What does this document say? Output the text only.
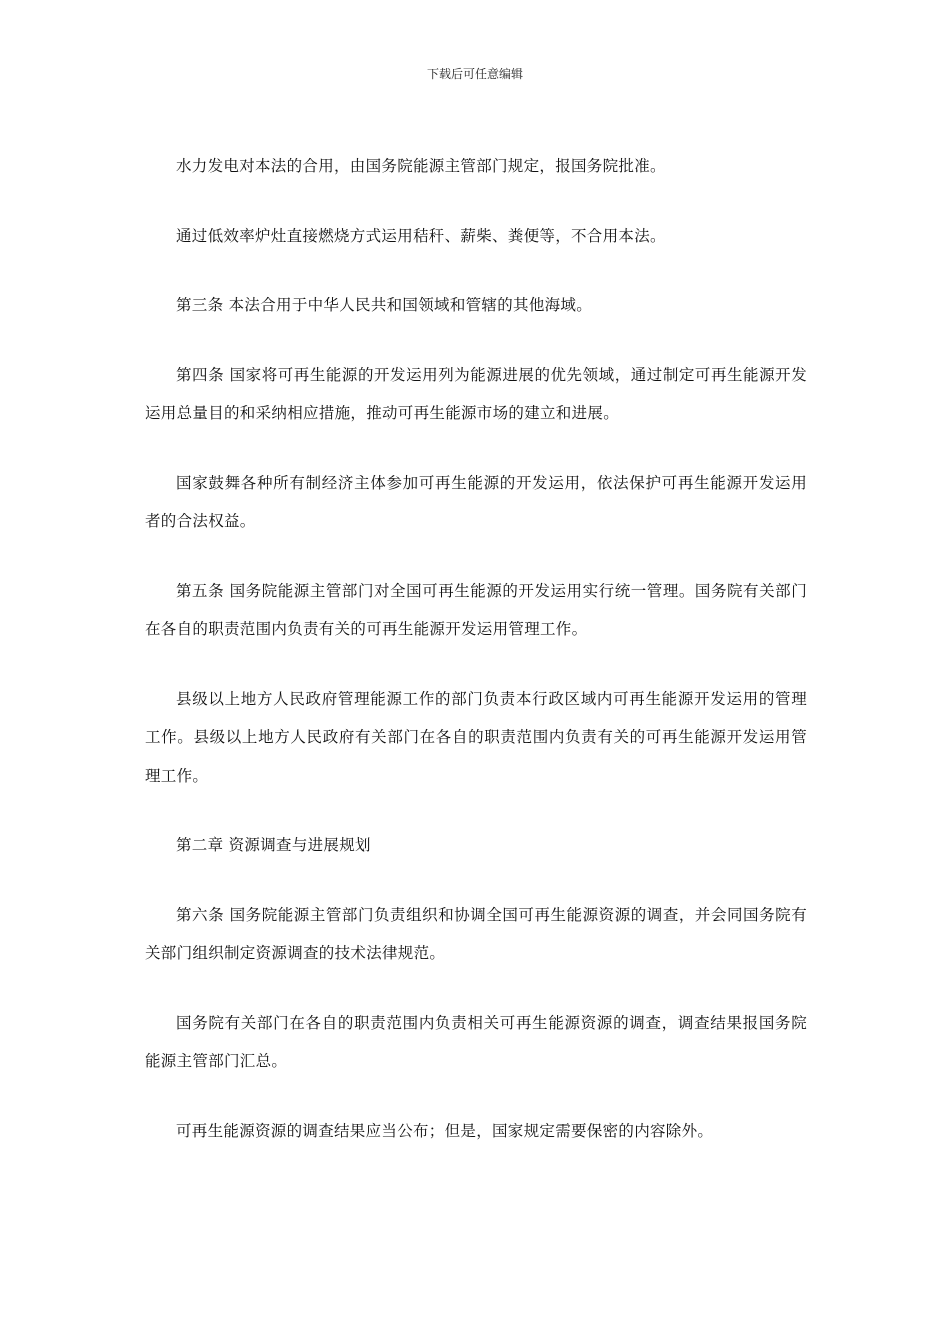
下载后可任意编辑

水力发电对本法的合用，由国务院能源主管部门规定，报国务院批准。

通过低效率炉灶直接燃烧方式运用秸秆、薪柴、粪便等，不合用本法。

第三条 本法合用于中华人民共和国领域和管辖的其他海域。

第四条 国家将可再生能源的开发运用列为能源进展的优先领域，通过制定可再生能源开发运用总量目的和采纳相应措施，推动可再生能源市场的建立和进展。

国家鼓舞各种所有制经济主体参加可再生能源的开发运用，依法保护可再生能源开发运用者的合法权益。

第五条 国务院能源主管部门对全国可再生能源的开发运用实行统一管理。国务院有关部门在各自的职责范围内负责有关的可再生能源开发运用管理工作。

县级以上地方人民政府管理能源工作的部门负责本行政区域内可再生能源开发运用的管理工作。县级以上地方人民政府有关部门在各自的职责范围内负责有关的可再生能源开发运用管理工作。

第二章 资源调查与进展规划

第六条 国务院能源主管部门负责组织和协调全国可再生能源资源的调查，并会同国务院有关部门组织制定资源调查的技术法律规范。

国务院有关部门在各自的职责范围内负责相关可再生能源资源的调查，调查结果报国务院能源主管部门汇总。

可再生能源资源的调查结果应当公布；但是，国家规定需要保密的内容除外。
